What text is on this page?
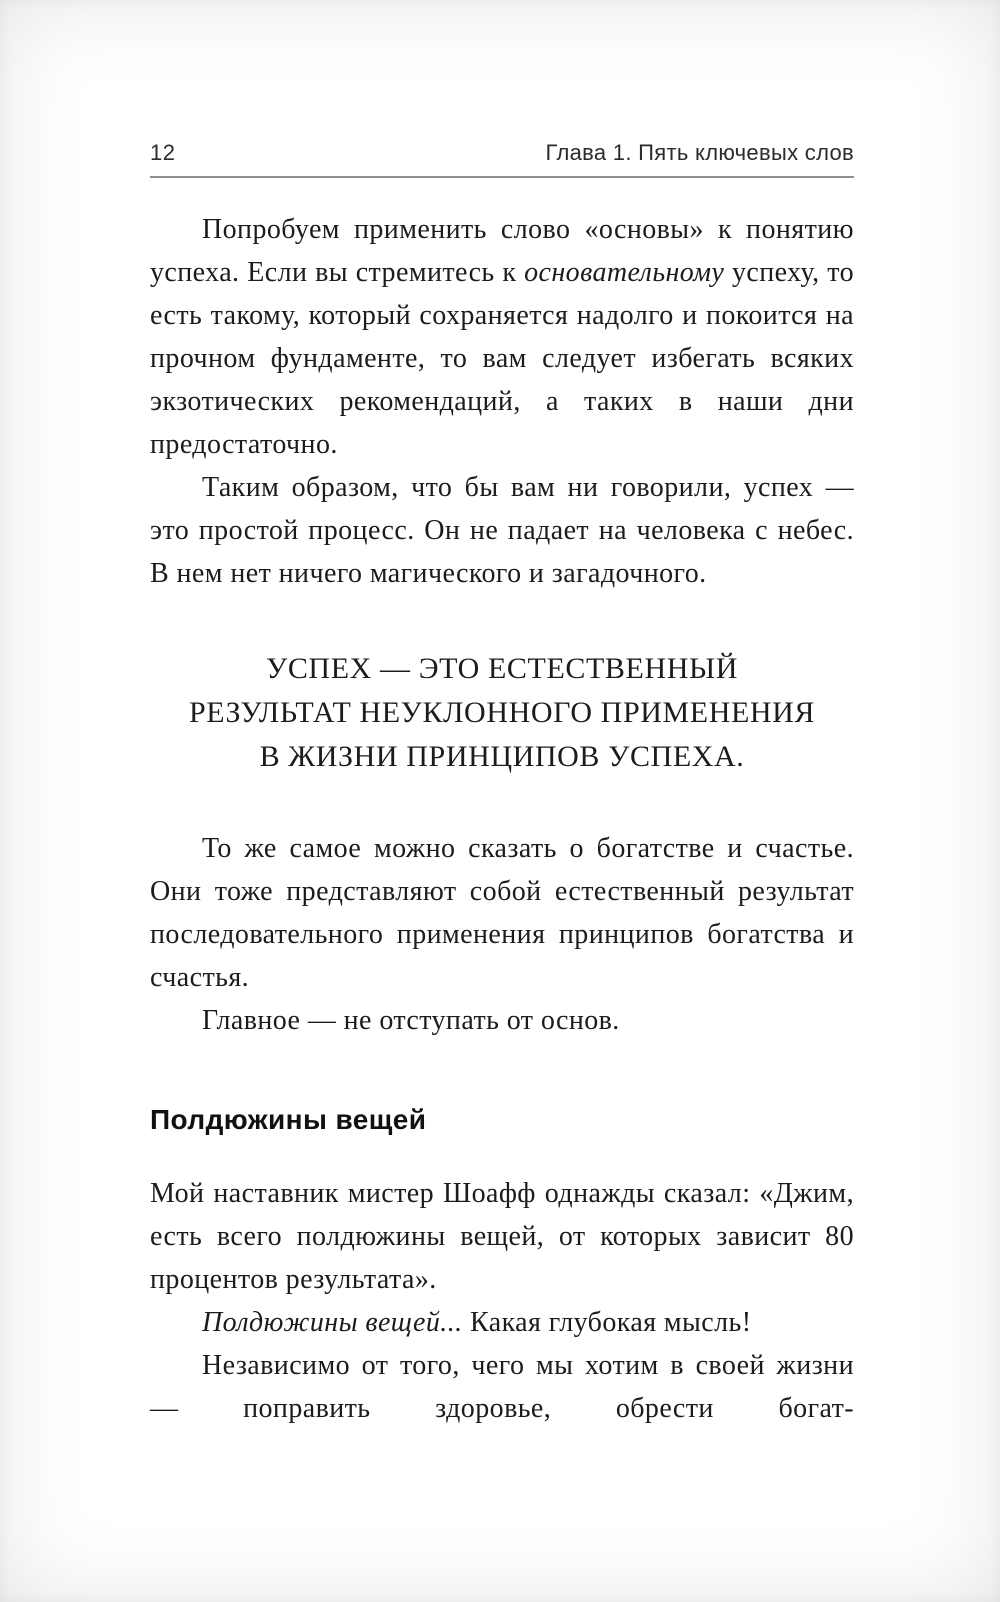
12	Глава 1. Пять ключевых слов

Попробуем применить слово «основы» к понятию успеха. Если вы стремитесь к основательному успеху, то есть такому, который сохраняется надолго и покоится на прочном фундаменте, то вам следует избегать всяких экзотических рекомендаций, а таких в наши дни предостаточно.

Таким образом, что бы вам ни говорили, успех — это простой процесс. Он не падает на человека с небес. В нем нет ничего магического и загадочного.

УСПЕХ — ЭТО ЕСТЕСТВЕННЫЙ
РЕЗУЛЬТАТ НЕУКЛОННОГО ПРИМЕНЕНИЯ
В ЖИЗНИ ПРИНЦИПОВ УСПЕХА.

То же самое можно сказать о богатстве и счастье. Они тоже представляют собой естественный результат последовательного применения принципов богатства и счастья.

Главное — не отступать от основ.

Полдюжины вещей

Мой наставник мистер Шоафф однажды сказал: «Джим, есть всего полдюжины вещей, от которых зависит 80 процентов результата».

Полдюжины вещей... Какая глубокая мысль!

Независимо от того, чего мы хотим в своей жизни — поправить здоровье, обрести богат-
